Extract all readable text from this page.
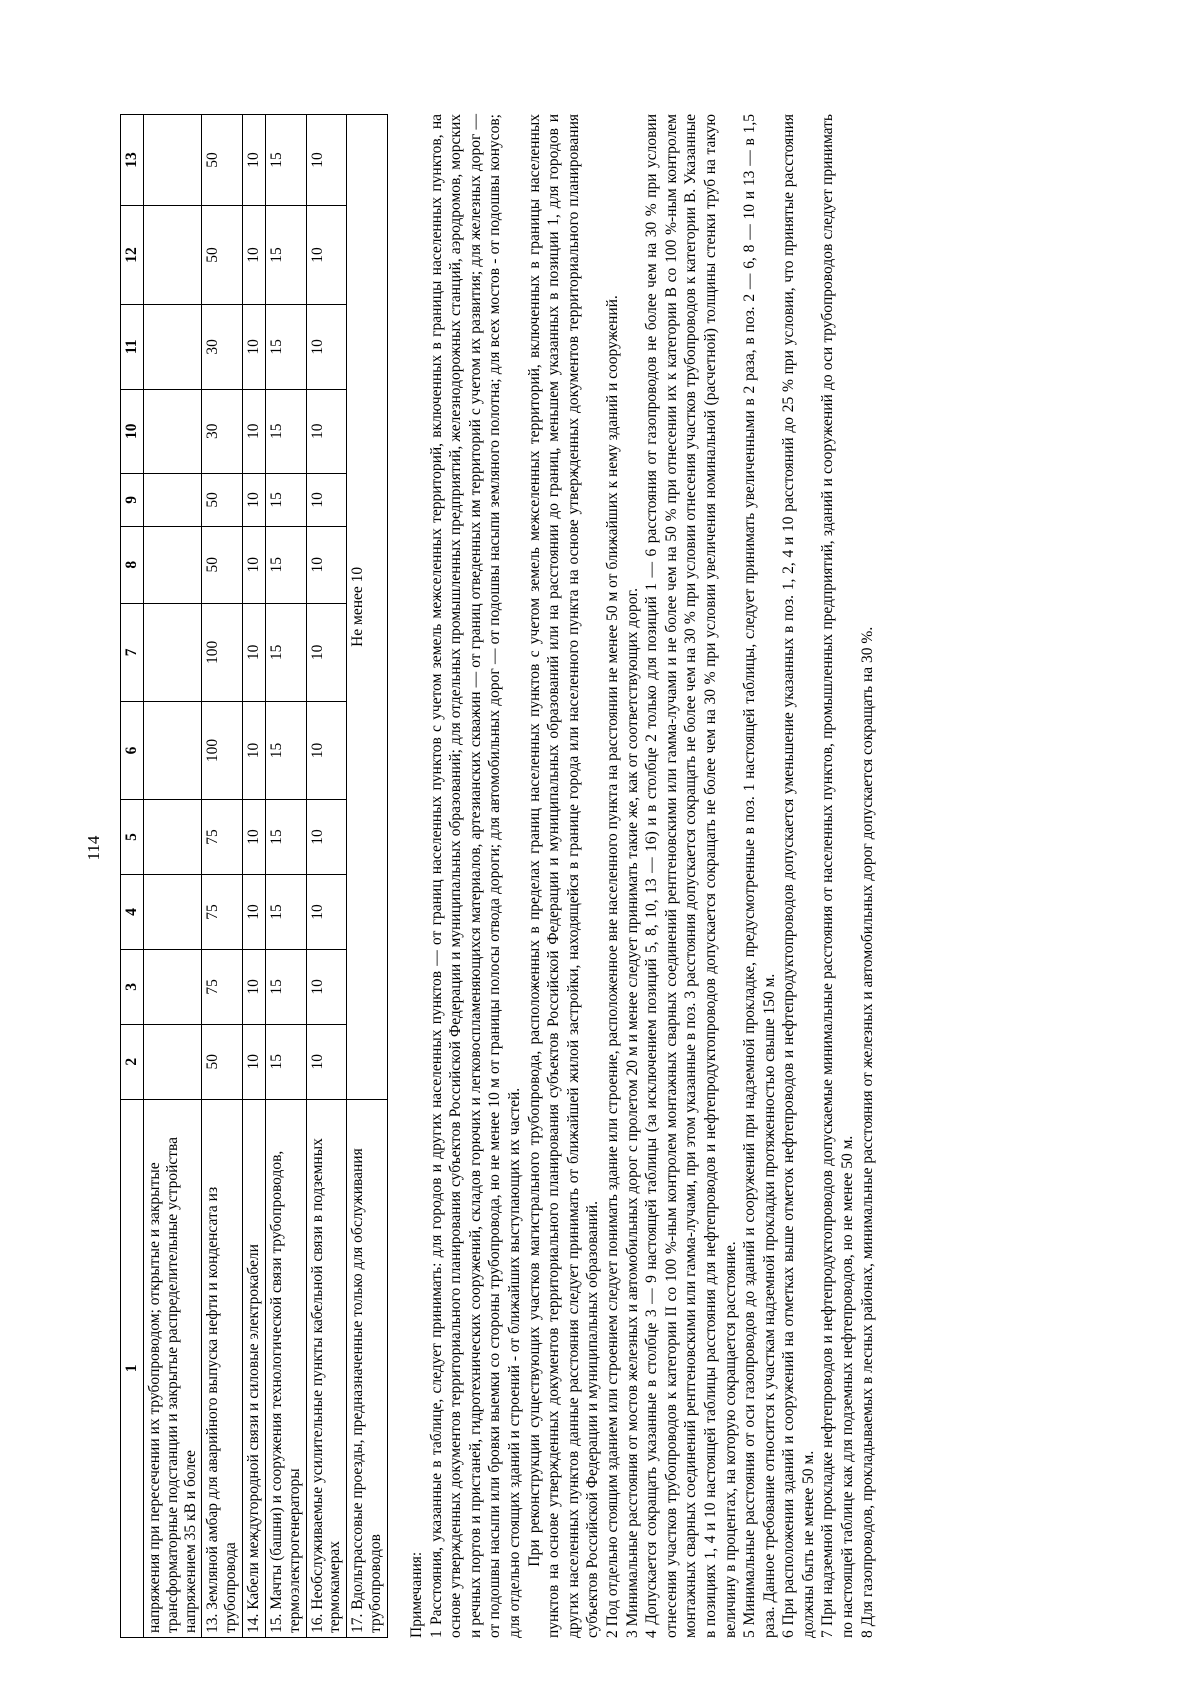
114
1	2	3	4	5	6	7	8	9	10	11	12	13
напряжения при пересечении их трубопроводом; открытые и закрытые трансформаторные подстанции и закрытые распределительные устройства напряжением 35 кВ и более												
13. Земляной амбар для аварийного выпуска нефти и конденсата из трубопровода	50	75	75	75	100	100	50	50	30	30	50	50
14. Кабели междугородной связи и силовые электрокабели	10	10	10	10	10	10	10	10	10	10	10	10
15. Мачты (башни) и сооружения технологической связи трубопроводов, термоэлектрогенераторы	15	15	15	15	15	15	15	15	15	15	15	15
16. Необслуживаемые усилительные пункты кабельной связи в подземных термокамерах	10	10	10	10	10	10	10	10	10	10	10	10
17. Вдольтрассовые проезды, предназначенные только для обслуживания трубопроводов	Не менее 10											

Примечания: 1 Расстояния, указанные в таблице, следует принимать: для городов и других населенных пунктов — от границ населенных пунктов с учетом земель межселенных территорий, включенных в границы населенных пунктов, на основе утвержденных документов территориального планирования субъектов Российской Федерации и муниципальных образований; для отдельных промышленных предприятий, железнодорожных станций, аэродромов, морских и речных портов и пристаней, гидротехнических сооружений, складов горючих и легковоспламеняющихся материалов, артезианских скважин — от границ отведенных им территорий с учетом их развития; для железных дорог — от подошвы насыпи или бровки выемки со стороны трубопровода, но не менее 10 м от границы полосы отвода дороги; для автомобильных дорог — от подошвы насыпи земляного полотна; для всех мостов - от подошвы конусов; для отдельно стоящих зданий и строений - от ближайших выступающих их частей. При реконструкции существующих участков магистрального трубопровода, расположенных в пределах границ населенных пунктов с учетом земель межселенных территорий, включенных в границы населенных пунктов на основе утвержденных документов территориального планирования субъектов Российской Федерации и муниципальных образований или на расстоянии до границ, меньшем указанных в позиции 1, для городов и других населенных пунктов данные расстояния следует принимать от ближайшей жилой застройки, находящейся в границе города или населенного пункта на основе утвержденных документов территориального планирования субъектов Российской Федерации и муниципальных образований. 2 Под отдельно стоящим зданием или строением следует понимать здание или строение, расположенное вне населенного пункта на расстоянии не менее 50 м от ближайших к нему зданий и сооружений. 3 Минимальные расстояния от мостов железных и автомобильных дорог с пролетом 20 м и менее следует принимать такие же, как от соответствующих дорог. 4 Допускается сокращать указанные в столбце 3 — 9 настоящей таблицы (за исключением позиций 5, 8, 10, 13 — 16) и в столбце 2 только для позиций 1 — 6 расстояния от газопроводов не более чем на 30 % при условии отнесения участков трубопроводов к категории II со 100 %-ным контролем монтажных сварных соединений рентгеновскими или гамма-лучами и не более чем на 50 % при отнесении их к категории В со 100 %-ным контролем монтажных сварных соединений рентгеновскими или гамма-лучами, при этом указанные в поз. 3 расстояния допускается сокращать не более чем на 30 % при условии отнесения участков трубопроводов к категории В. Указанные в позициях 1, 4 и 10 настоящей таблицы расстояния для нефтепроводов и нефтепродуктопроводов допускается сокращать не более чем на 30 % при условии увеличения номинальной (расчетной) толщины стенки труб на такую величину в процентах, на которую сокращается расстояние. 5 Минимальные расстояния от оси газопроводов до зданий и сооружений при надземной прокладке, предусмотренные в поз. 1 настоящей таблицы, следует принимать увеличенными в 2 раза, в поз. 2 — 6, 8 — 10 и 13 — в 1,5 раза. Данное требование относится к участкам надземной прокладки протяженностью свыше 150 м. 6 При расположении зданий и сооружений на отметках выше отметок нефтепроводов и нефтепродуктопроводов допускается уменьшение указанных в поз. 1, 2, 4 и 10 расстояний до 25 % при условии, что принятые расстояния должны быть не менее 50 м. 7 При надземной прокладке нефтепроводов и нефтепродуктопроводов допускаемые минимальные расстояния от населенных пунктов, промышленных предприятий, зданий и сооружений до оси трубопроводов следует принимать по настоящей таблице как для подземных нефтепроводов, но не менее 50 м. 8 Для газопроводов, прокладываемых в лесных районах, минимальные расстояния от железных и автомобильных дорог допускается сокращать на 30 %.
